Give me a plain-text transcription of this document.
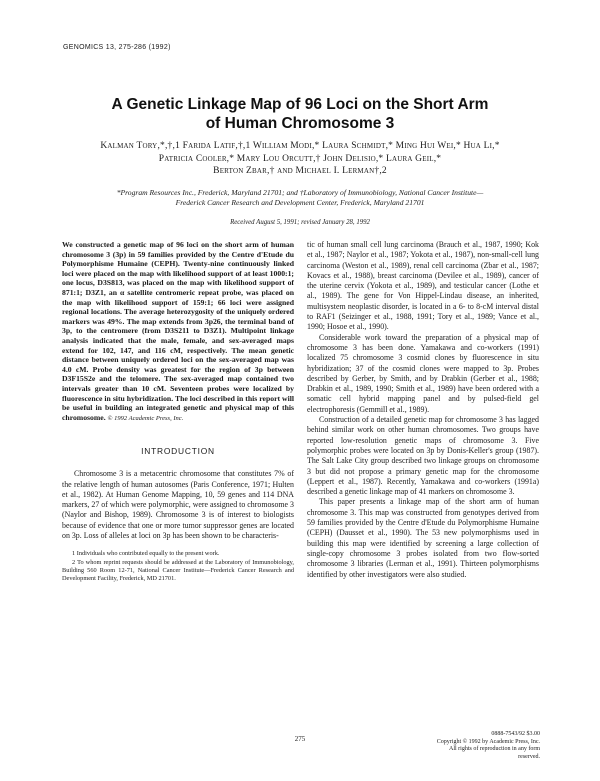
GENOMICS 13, 275-286 (1992)
A Genetic Linkage Map of 96 Loci on the Short Arm
of Human Chromosome 3
Kalman Tory,*,†,1 Farida Latif,†,1 William Modi,* Laura Schmidt,* Ming Hui Wei,* Hua Li,*
Patricia Cooler,* Mary Lou Orcutt,† John Delisio,* Laura Geil,*
Berton Zbar,† and Michael I. Lerman†,2
*Program Resources Inc., Frederick, Maryland 21701; and †Laboratory of Immunobiology, National Cancer Institute—
Frederick Cancer Research and Development Center, Frederick, Maryland 21701
Received August 5, 1991; revised January 28, 1992

We constructed a genetic map of 96 loci on the short arm of human chromosome 3 (3p) in 59 families provided by the Centre d'Etude du Polymorphisme Humaine (CEPH). Twenty-nine continuously linked loci were placed on the map with likelihood support of at least 1000:1; one locus, D3S813, was placed on the map with likelihood support of 871:1; D3Z1, an α satellite centromeric repeat probe, was placed on the map with likelihood support of 159:1; 66 loci were assigned regional locations. The average heterozygosity of the uniquely ordered markers was 49%. The map extends from 3p26, the terminal band of 3p, to the centromere (from D3S211 to D3Z1). Multipoint linkage analysis indicated that the male, female, and sex-averaged maps extend for 102, 147, and 116 cM, respectively. The mean genetic distance between uniquely ordered loci on the sex-averaged map was 4.0 cM. Probe density was greatest for the region of 3p between D3F15S2e and the telomere. The sex-averaged map contained two intervals greater than 10 cM. Seventeen probes were localized by fluorescence in situ hybridization. The loci described in this report will be useful in building an integrated genetic and physical map of this chromosome. © 1992 Academic Press, Inc.

INTRODUCTION

Chromosome 3 is a metacentric chromosome that constitutes 7% of the relative length of human autosomes (Paris Conference, 1971; Hulten et al., 1982). At Human Genome Mapping, 10, 59 genes and 114 DNA markers, 27 of which were polymorphic, were assigned to chromosome 3 (Naylor and Bishop, 1989). Chromosome 3 is of interest to biologists because of evidence that one or more tumor suppressor genes are located on 3p. Loss of alleles at loci on 3p has been shown to be characteris-

1 Individuals who contributed equally to the present work.

2 To whom reprint requests should be addressed at the Laboratory of Immunobiology, Building 560 Room 12-71, National Cancer Institute—Frederick Cancer Research and Development Facility, Frederick, MD 21701.

tic of human small cell lung carcinoma (Brauch et al., 1987, 1990; Kok et al., 1987; Naylor et al., 1987; Yokota et al., 1987), non-small-cell lung carcinoma (Weston et al., 1989), renal cell carcinoma (Zbar et al., 1987; Kovacs et al., 1988), breast carcinoma (Devilee et al., 1989), cancer of the uterine cervix (Yokota et al., 1989), and testicular cancer (Lothe et al., 1989). The gene for Von Hippel-Lindau disease, an inherited, multisystem neoplastic disorder, is located in a 6- to 8-cM interval distal to RAF1 (Seizinger et al., 1988, 1991; Tory et al., 1989; Vance et al., 1990; Hosoe et al., 1990).

Considerable work toward the preparation of a physical map of chromosome 3 has been done. Yamakawa and co-workers (1991) localized 75 chromosome 3 cosmid clones by fluorescence in situ hybridization; 37 of the cosmid clones were mapped to 3p. Probes described by Gerber, by Smith, and by Drabkin (Gerber et al., 1988; Drabkin et al., 1989, 1990; Smith et al., 1989) have been ordered with a somatic cell hybrid mapping panel and by pulsed-field gel electrophoresis (Gemmill et al., 1989).

Construction of a detailed genetic map for chromosome 3 has lagged behind similar work on other human chromosomes. Two groups have reported low-resolution genetic maps of chromosome 3. Five polymorphic probes were located on 3p by Donis-Keller's group (1987). The Salt Lake City group described two linkage groups on chromosome 3 but did not propose a primary genetic map for the chromosome (Leppert et al., 1987). Recently, Yamakawa and co-workers (1991a) described a genetic linkage map of 41 markers on chromosome 3.

This paper presents a linkage map of the short arm of human chromosome 3. This map was constructed from genotypes derived from 59 families provided by the Centre d'Etude du Polymorphisme Humaine (CEPH) (Dausset et al., 1990). The 53 new polymorphisms used in building this map were identified by screening a large collection of single-copy chromosome 3 probes isolated from two flow-sorted chromosome 3 libraries (Lerman et al., 1991). Thirteen polymorphisms identified by other investigators were also studied.

275
0888-7543/92 $3.00
Copyright © 1992 by Academic Press, Inc.
All rights of reproduction in any form reserved.
